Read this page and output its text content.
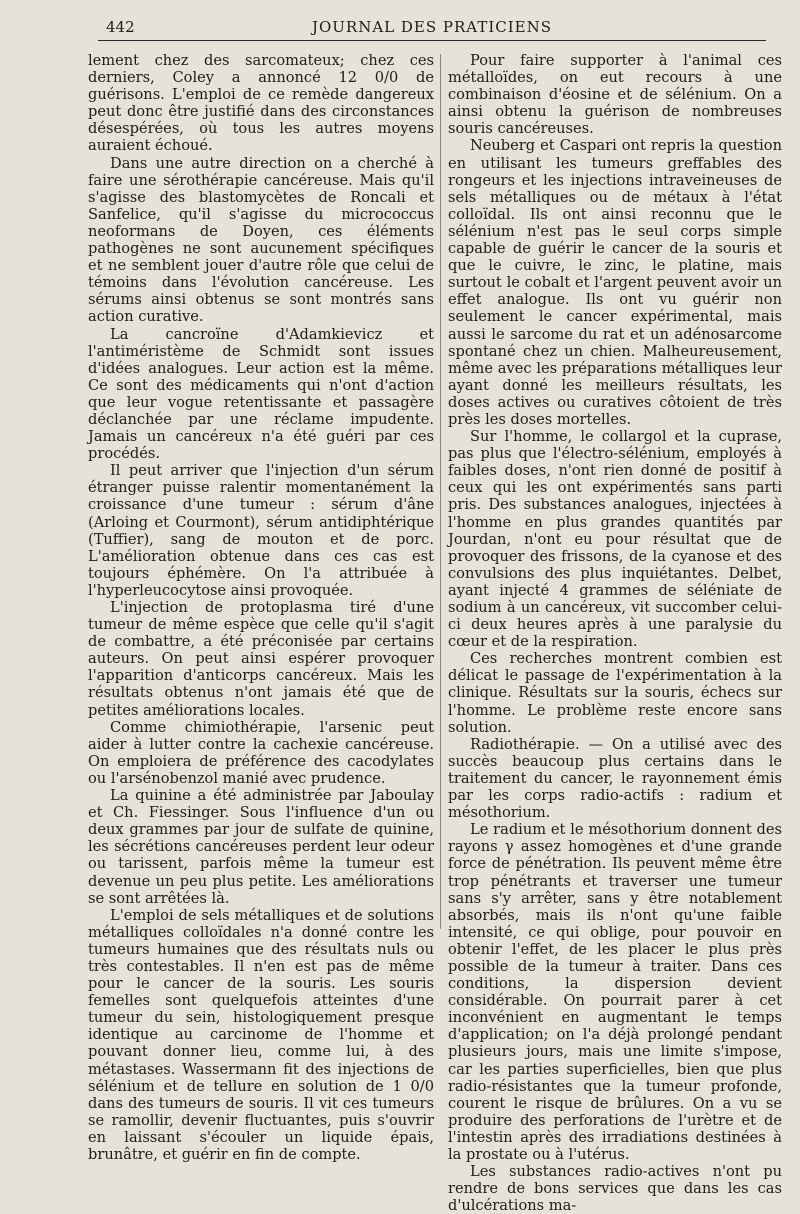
442	JOURNAL DES PRATICIENS

lement chez des sarcomateux; chez ces derniers, Coley a annoncé 12 0/0 de guérisons. L'emploi de ce remède dangereux peut donc être justifié dans des circonstances désespérées, où tous les autres moyens auraient échoué.

Dans une autre direction on a cherché à faire une sérothérapie cancéreuse. Mais qu'il s'agisse des blastomycètes de Roncali et Sanfelice, qu'il s'agisse du micrococcus neoformans de Doyen, ces éléments pathogènes ne sont aucunement spécifiques et ne semblent jouer d'autre rôle que celui de témoins dans l'évolution cancéreuse. Les sérums ainsi obtenus se sont montrés sans action curative.

La cancroïne d'Adamkievicz et l'antiméristème de Schmidt sont issues d'idées analogues. Leur action est la même. Ce sont des médicaments qui n'ont d'action que leur vogue retentissante et passagère déclanchée par une réclame impudente. Jamais un cancéreux n'a été guéri par ces procédés.

Il peut arriver que l'injection d'un sérum étranger puisse ralentir momentanément la croissance d'une tumeur : sérum d'âne (Arloing et Courmont), sérum antidiphtérique (Tuffier), sang de mouton et de porc. L'amélioration obtenue dans ces cas est toujours éphémère. On l'a attribuée à l'hyperleucocytose ainsi provoquée.

L'injection de protoplasma tiré d'une tumeur de même espèce que celle qu'il s'agit de combattre, a été préconisée par certains auteurs. On peut ainsi espérer provoquer l'apparition d'anticorps cancéreux. Mais les résultats obtenus n'ont jamais été que de petites améliorations locales.

Comme chimiothérapie, l'arsenic peut aider à lutter contre la cachexie cancéreuse. On emploiera de préférence des cacodylates ou l'arsénobenzol manié avec prudence.

La quinine a été administrée par Jaboulay et Ch. Fiessinger. Sous l'influence d'un ou deux grammes par jour de sulfate de quinine, les sécrétions cancéreuses perdent leur odeur ou tarissent, parfois même la tumeur est devenue un peu plus petite. Les améliorations se sont arrêtées là.

L'emploi de sels métalliques et de solutions métalliques colloïdales n'a donné contre les tumeurs humaines que des résultats nuls ou très contestables. Il n'en est pas de même pour le cancer de la souris. Les souris femelles sont quelquefois atteintes d'une tumeur du sein, histologiquement presque identique au carcinome de l'homme et pouvant donner lieu, comme lui, à des métastases. Wassermann fit des injections de sélénium et de tellure en solution de 1 0/0 dans des tumeurs de souris. Il vit ces tumeurs se ramollir, devenir fluctuantes, puis s'ouvrir en laissant s'écouler un liquide épais, brunâtre, et guérir en fin de compte.

Pour faire supporter à l'animal ces métalloïdes, on eut recours à une combinaison d'éosine et de sélénium. On a ainsi obtenu la guérison de nombreuses souris cancéreuses.

Neuberg et Caspari ont repris la question en utilisant les tumeurs greffables des rongeurs et les injections intraveineuses de sels métalliques ou de métaux à l'état colloïdal. Ils ont ainsi reconnu que le sélénium n'est pas le seul corps simple capable de guérir le cancer de la souris et que le cuivre, le zinc, le platine, mais surtout le cobalt et l'argent peuvent avoir un effet analogue. Ils ont vu guérir non seulement le cancer expérimental, mais aussi le sarcome du rat et un adénosarcome spontané chez un chien. Malheureusement, même avec les préparations métalliques leur ayant donné les meilleurs résultats, les doses actives ou curatives côtoient de très près les doses mortelles.

Sur l'homme, le collargol et la cuprase, pas plus que l'électro-sélénium, employés à faibles doses, n'ont rien donné de positif à ceux qui les ont expérimentés sans parti pris. Des substances analogues, injectées à l'homme en plus grandes quantités par Jourdan, n'ont eu pour résultat que de provoquer des frissons, de la cyanose et des convulsions des plus inquiétantes. Delbet, ayant injecté 4 grammes de séléniate de sodium à un cancéreux, vit succomber celui-ci deux heures après à une paralysie du cœur et de la respiration.

Ces recherches montrent combien est délicat le passage de l'expérimentation à la clinique. Résultats sur la souris, échecs sur l'homme. Le problème reste encore sans solution.

Radiothérapie. — On a utilisé avec des succès beaucoup plus certains dans le traitement du cancer, le rayonnement émis par les corps radio-actifs : radium et mésothorium.

Le radium et le mésothorium donnent des rayons γ assez homogènes et d'une grande force de pénétration. Ils peuvent même être trop pénétrants et traverser une tumeur sans s'y arrêter, sans y être notablement absorbés, mais ils n'ont qu'une faible intensité, ce qui oblige, pour pouvoir en obtenir l'effet, de les placer le plus près possible de la tumeur à traiter. Dans ces conditions, la dispersion devient considérable. On pourrait parer à cet inconvénient en augmentant le temps d'application; on l'a déjà prolongé pendant plusieurs jours, mais une limite s'impose, car les parties superficielles, bien que plus radio-résistantes que la tumeur profonde, courent le risque de brûlures. On a vu se produire des perforations de l'urètre et de l'intestin après des irradiations destinées à la prostate ou à l'utérus.

Les substances radio-actives n'ont pu rendre de bons services que dans les cas d'ulcérations ma-
